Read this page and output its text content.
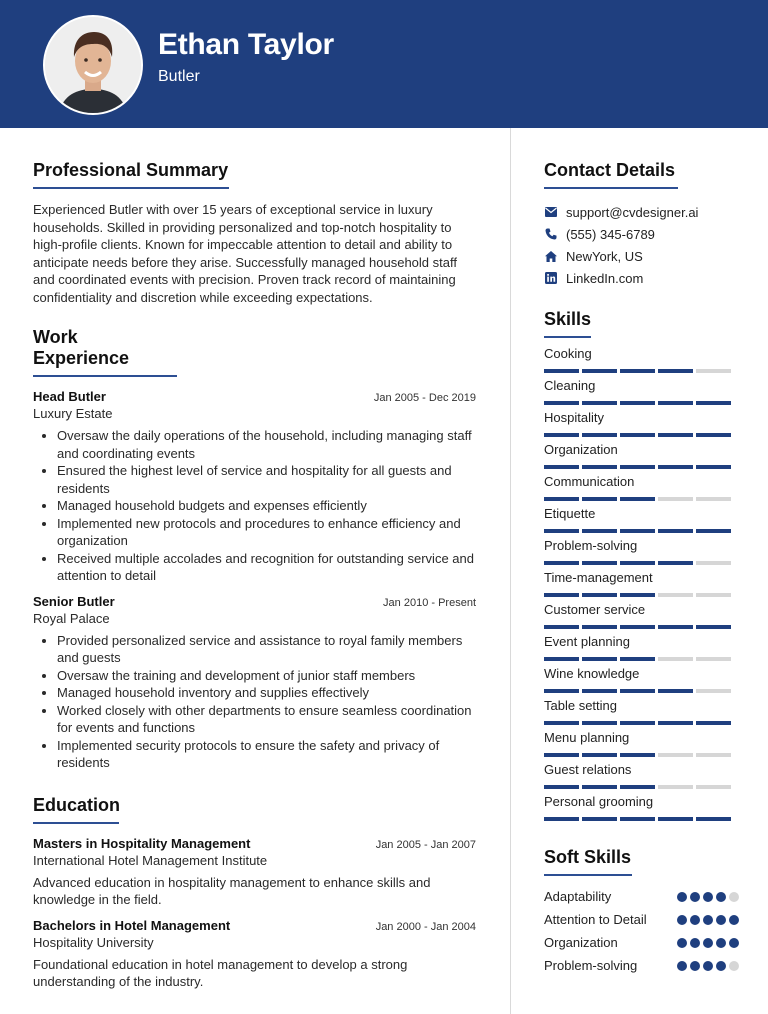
Ethan Taylor
Butler
Professional Summary

Experienced Butler with over 15 years of exceptional service in luxury households. Skilled in providing personalized and top-notch hospitality to high-profile clients. Known for impeccable attention to detail and ability to anticipate needs before they arise. Successfully managed household staff and coordinated events with precision. Proven track record of maintaining confidentiality and discretion while exceeding expectations.

Work Experience
Head Butler	Jan 2005 - Dec 2019
Luxury Estate
• Oversaw the daily operations of the household, including managing staff and coordinating events
• Ensured the highest level of service and hospitality for all guests and residents
• Managed household budgets and expenses efficiently
• Implemented new protocols and procedures to enhance efficiency and organization
• Received multiple accolades and recognition for outstanding service and attention to detail
Senior Butler	Jan 2010 - Present
Royal Palace
• Provided personalized service and assistance to royal family members and guests
• Oversaw the training and development of junior staff members
• Managed household inventory and supplies effectively
• Worked closely with other departments to ensure seamless coordination for events and functions
• Implemented security protocols to ensure the safety and privacy of residents
Education
Masters in Hospitality Management	Jan 2005 - Jan 2007
International Hotel Management Institute

Advanced education in hospitality management to enhance skills and knowledge in the field.

Bachelors in Hotel Management	Jan 2000 - Jan 2004
Hospitality University

Foundational education in hotel management to develop a strong understanding of the industry.

Contact Details
support@cvdesigner.ai
(555) 345-6789
NewYork, US
LinkedIn.com
Skills
Cooking
Cleaning
Hospitality
Organization
Communication
Etiquette
Problem-solving
Time-management
Customer service
Event planning
Wine knowledge
Table setting
Menu planning
Guest relations
Personal grooming
Soft Skills
Adaptability
Attention to Detail
Organization
Problem-solving
